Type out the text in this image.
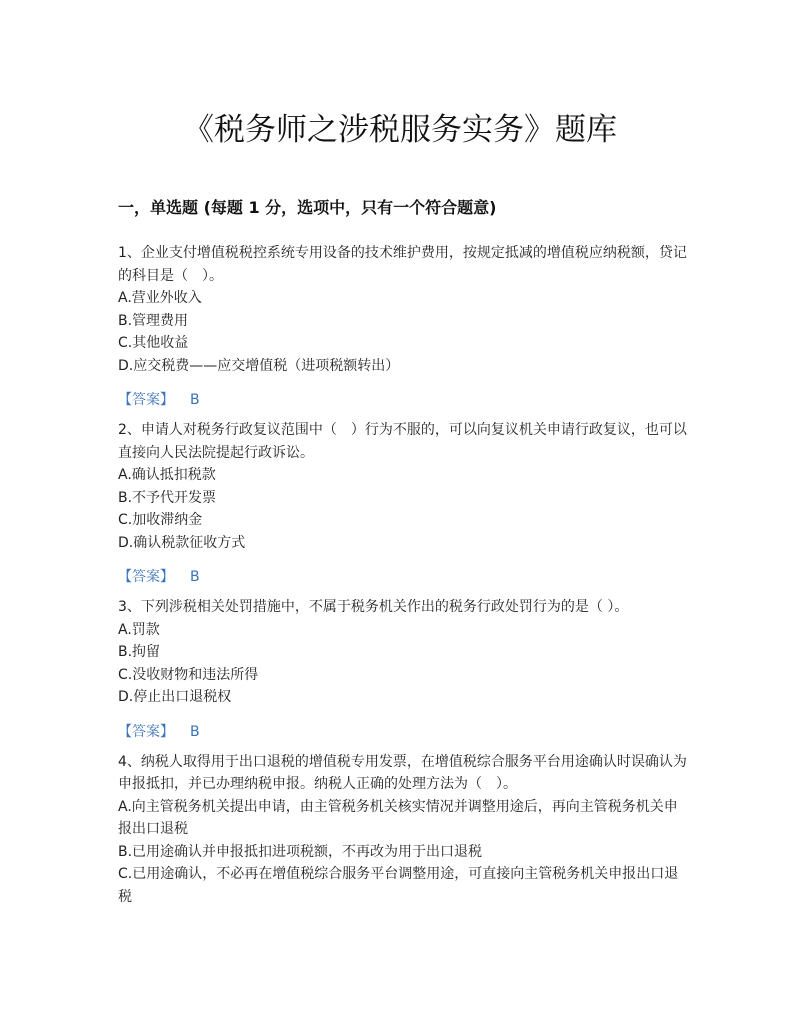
《税务师之涉税服务实务》题库
一，单选题 (每题 1 分，选项中，只有一个符合题意)
1、企业支付增值税税控系统专用设备的技术维护费用，按规定抵减的增值税应纳税额，贷记的科目是（　）。
A.营业外收入
B.管理费用
C.其他收益
D.应交税费——应交增值税（进项税额转出）
【答案】 B
2、申请人对税务行政复议范围中（　）行为不服的，可以向复议机关申请行政复议，也可以直接向人民法院提起行政诉讼。
A.确认抵扣税款
B.不予代开发票
C.加收滞纳金
D.确认税款征收方式
【答案】 B
3、下列涉税相关处罚措施中，不属于税务机关作出的税务行政处罚行为的是（ ）。
A.罚款
B.拘留
C.没收财物和违法所得
D.停止出口退税权
【答案】 B
4、纳税人取得用于出口退税的增值税专用发票，在增值税综合服务平台用途确认时误确认为申报抵扣，并已办理纳税申报。纳税人正确的处理方法为（　）。
A.向主管税务机关提出申请，由主管税务机关核实情况并调整用途后，再向主管税务机关申报出口退税
B.已用途确认并申报抵扣进项税额，不再改为用于出口退税
C.已用途确认，不必再在增值税综合服务平台调整用途，可直接向主管税务机关申报出口退税
